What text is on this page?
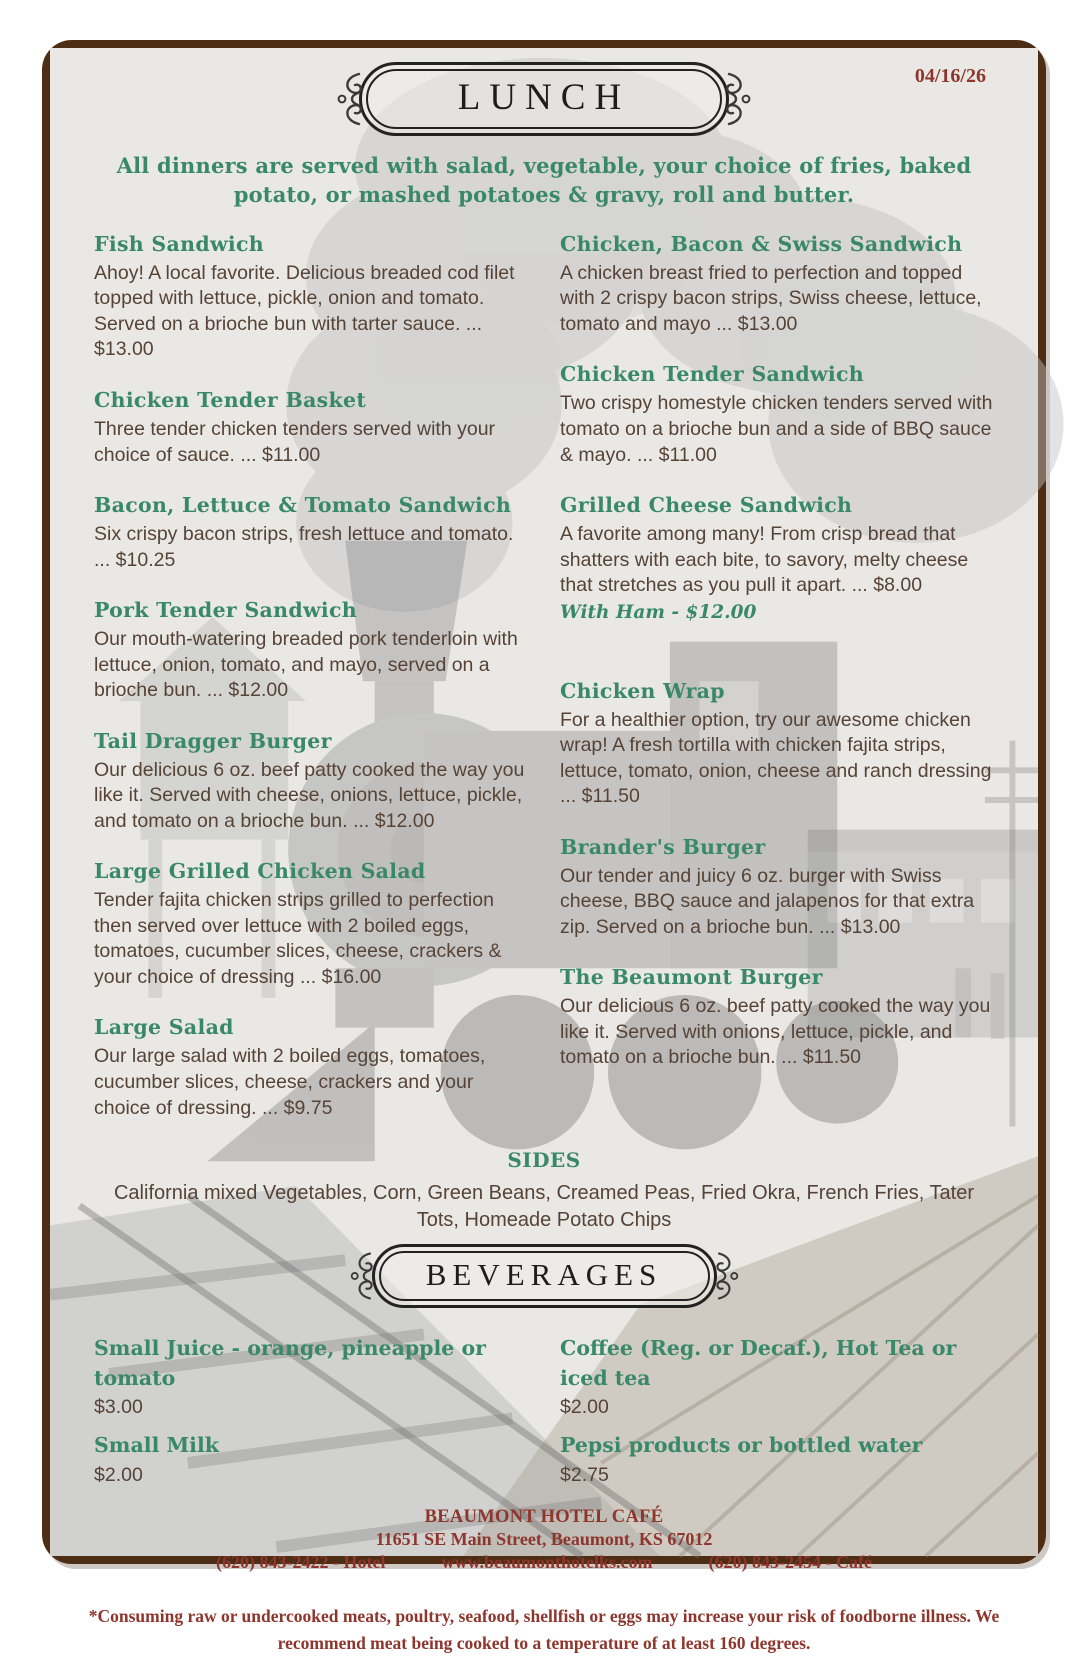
04/16/26
LUNCH
All dinners are served with salad, vegetable, your choice of fries, baked potato, or mashed potatoes & gravy, roll and butter.
Fish Sandwich
Ahoy! A local favorite. Delicious breaded cod filet topped with lettuce, pickle, onion and tomato. Served on a brioche bun with tarter sauce. ... $13.00
Chicken Tender Basket
Three tender chicken tenders served with your choice of sauce. ... $11.00
Bacon, Lettuce & Tomato Sandwich
Six crispy bacon strips, fresh lettuce and tomato. ... $10.25
Pork Tender Sandwich
Our mouth-watering breaded pork tenderloin with lettuce, onion, tomato, and mayo, served on a brioche bun. ... $12.00
Tail Dragger Burger
Our delicious 6 oz. beef patty cooked the way you like it. Served with cheese, onions, lettuce, pickle, and tomato on a brioche bun. ... $12.00
Large Grilled Chicken Salad
Tender fajita chicken strips grilled to perfection then served over lettuce with 2 boiled eggs, tomatoes, cucumber slices, cheese, crackers & your choice of dressing ... $16.00
Large Salad
Our large salad with 2 boiled eggs, tomatoes, cucumber slices, cheese, crackers and your choice of dressing. ... $9.75
Chicken, Bacon & Swiss Sandwich
A chicken breast fried to perfection and topped with 2 crispy bacon strips, Swiss cheese, lettuce, tomato and mayo ... $13.00
Chicken Tender Sandwich
Two crispy homestyle chicken tenders served with tomato on a brioche bun and a side of BBQ sauce & mayo. ... $11.00
Grilled Cheese Sandwich
A favorite among many! From crisp bread that shatters with each bite, to savory, melty cheese that stretches as you pull it apart. ... $8.00
With Ham - $12.00
Chicken Wrap
For a healthier option, try our awesome chicken wrap! A fresh tortilla with chicken fajita strips, lettuce, tomato, onion, cheese and ranch dressing ... $11.50
Brander's Burger
Our tender and juicy 6 oz. burger with Swiss cheese, BBQ sauce and jalapenos for that extra zip. Served on a brioche bun. ... $13.00
The Beaumont Burger
Our delicious 6 oz. beef patty cooked the way you like it. Served with onions, lettuce, pickle, and tomato on a brioche bun. ... $11.50
SIDES
California mixed Vegetables, Corn, Green Beans, Creamed Peas, Fried Okra, French Fries, Tater Tots, Homeade Potato Chips
BEVERAGES
Small Juice - orange, pineapple or tomato
$3.00
Small Milk
$2.00
Coffee (Reg. or Decaf.), Hot Tea or iced tea
$2.00
Pepsi products or bottled water
$2.75
BEAUMONT HOTEL CAFÉ
11651 SE Main Street, Beaumont, KS 67012
(620) 843-2422 - Hotel	www.beaumonthotelks.com	(620) 843-2454 - Café
*Consuming raw or undercooked meats, poultry, seafood, shellfish or eggs may increase your risk of foodborne illness. We recommend meat being cooked to a temperature of at least 160 degrees.
